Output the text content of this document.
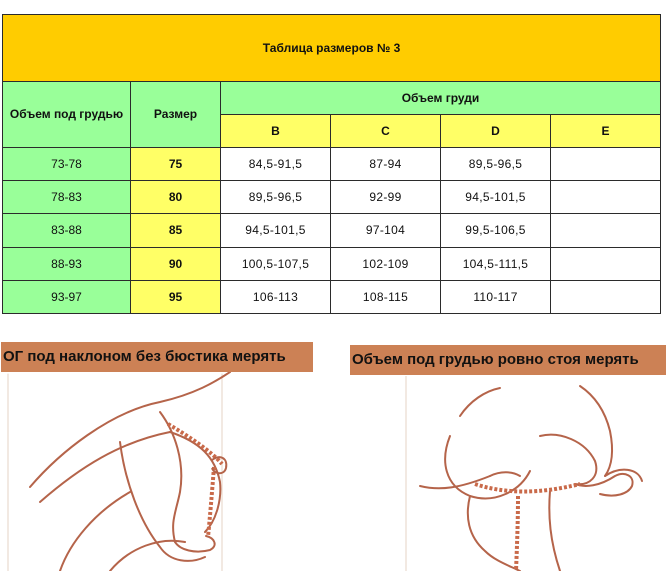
Таблица размеров № 3					
Объем под грудью	Размер	Объем груди			
		B	C	D	E
73-78	75	84,5-91,5	87-94	89,5-96,5	
78-83	80	89,5-96,5	92-99	94,5-101,5	
83-88	85	94,5-101,5	97-104	99,5-106,5	
88-93	90	100,5-107,5	102-109	104,5-111,5	
93-97	95	106-113	108-115	110-117	
ОГ под наклоном без бюстика мерять	Объем под грудью ровно стоя мерять
